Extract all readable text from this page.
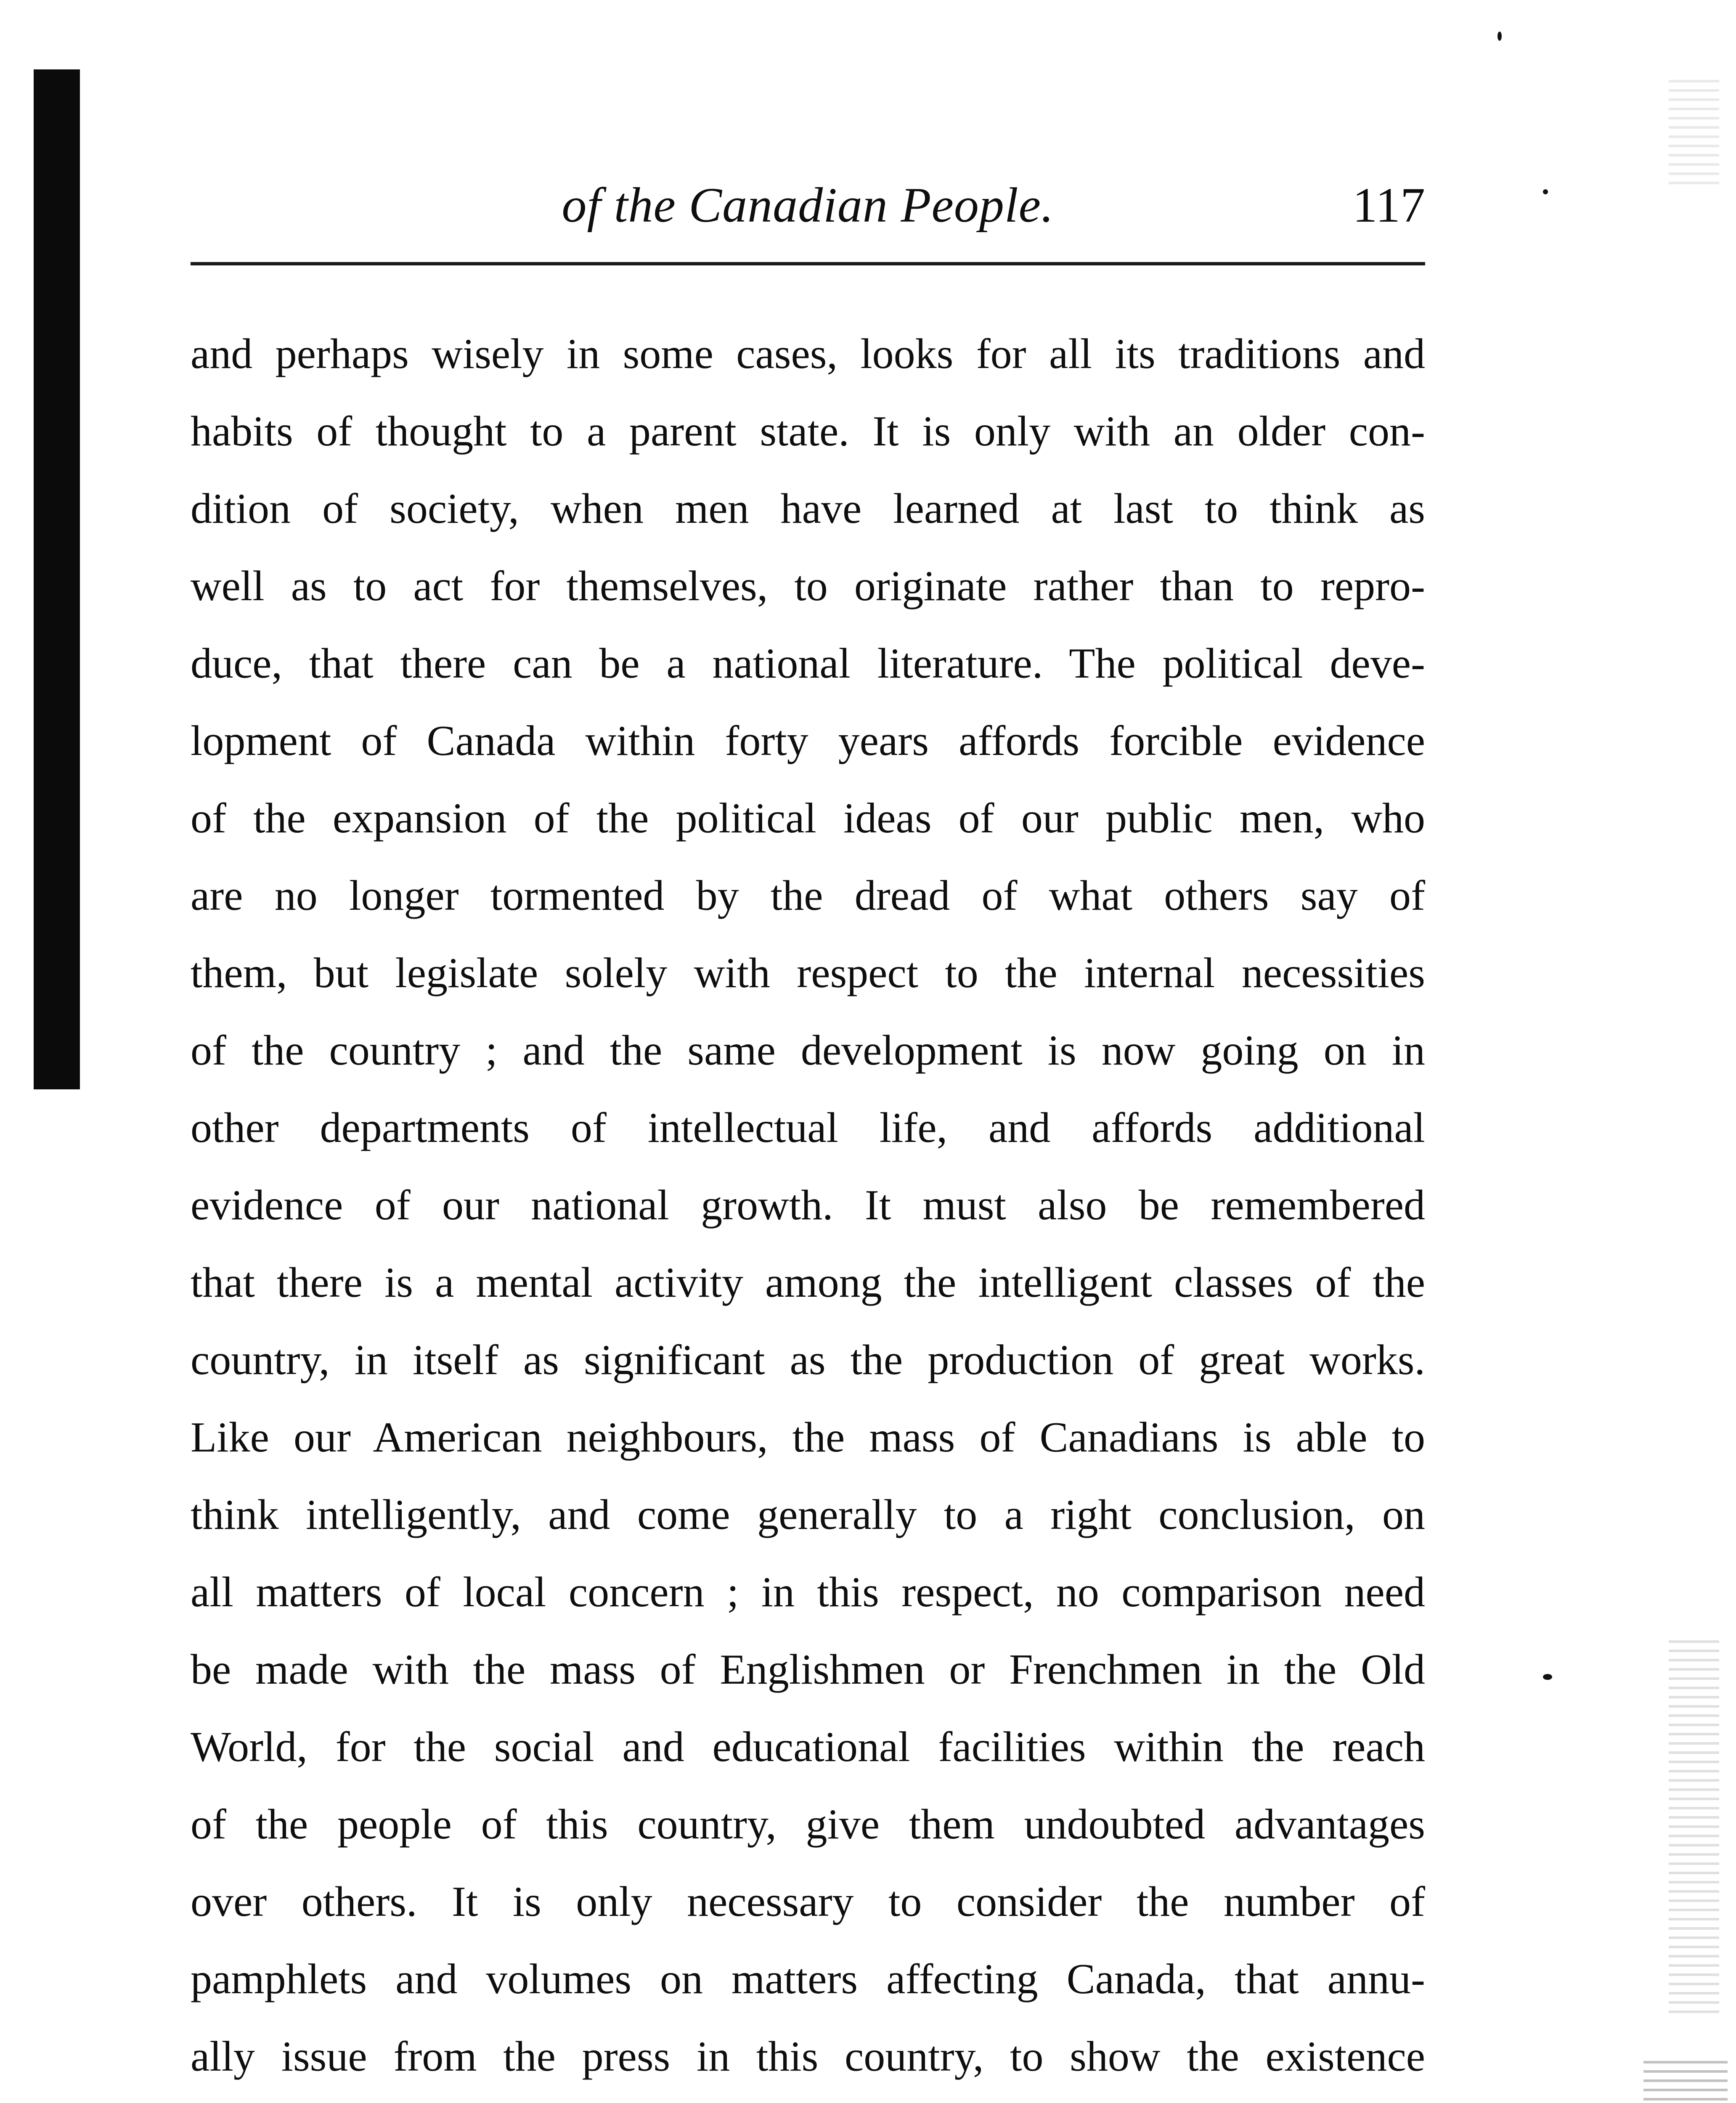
of the Canadian People.	117
and perhaps wisely in some cases, looks for all its traditions and
habits of thought to a parent state. It is only with an older con-
dition of society, when men have learned at last to think as
well as to act for themselves, to originate rather than to repro-
duce, that there can be a national literature. The political deve-
lopment of Canada within forty years affords forcible evidence
of the expansion of the political ideas of our public men, who
are no longer tormented by the dread of what others say of
them, but legislate solely with respect to the internal necessities
of the country ; and the same development is now going on in
other departments of intellectual life, and affords additional
evidence of our national growth. It must also be remembered
that there is a mental activity among the intelligent classes of the
country, in itself as significant as the production of great works.
Like our American neighbours, the mass of Canadians is able to
think intelligently, and come generally to a right conclusion, on
all matters of local concern ; in this respect, no comparison need
be made with the mass of Englishmen or Frenchmen in the Old
World, for the social and educational facilities within the reach
of the people of this country, give them undoubted advantages
over others. It is only necessary to consider the number of
pamphlets and volumes on matters affecting Canada, that annu-
ally issue from the press in this country, to show the existence
